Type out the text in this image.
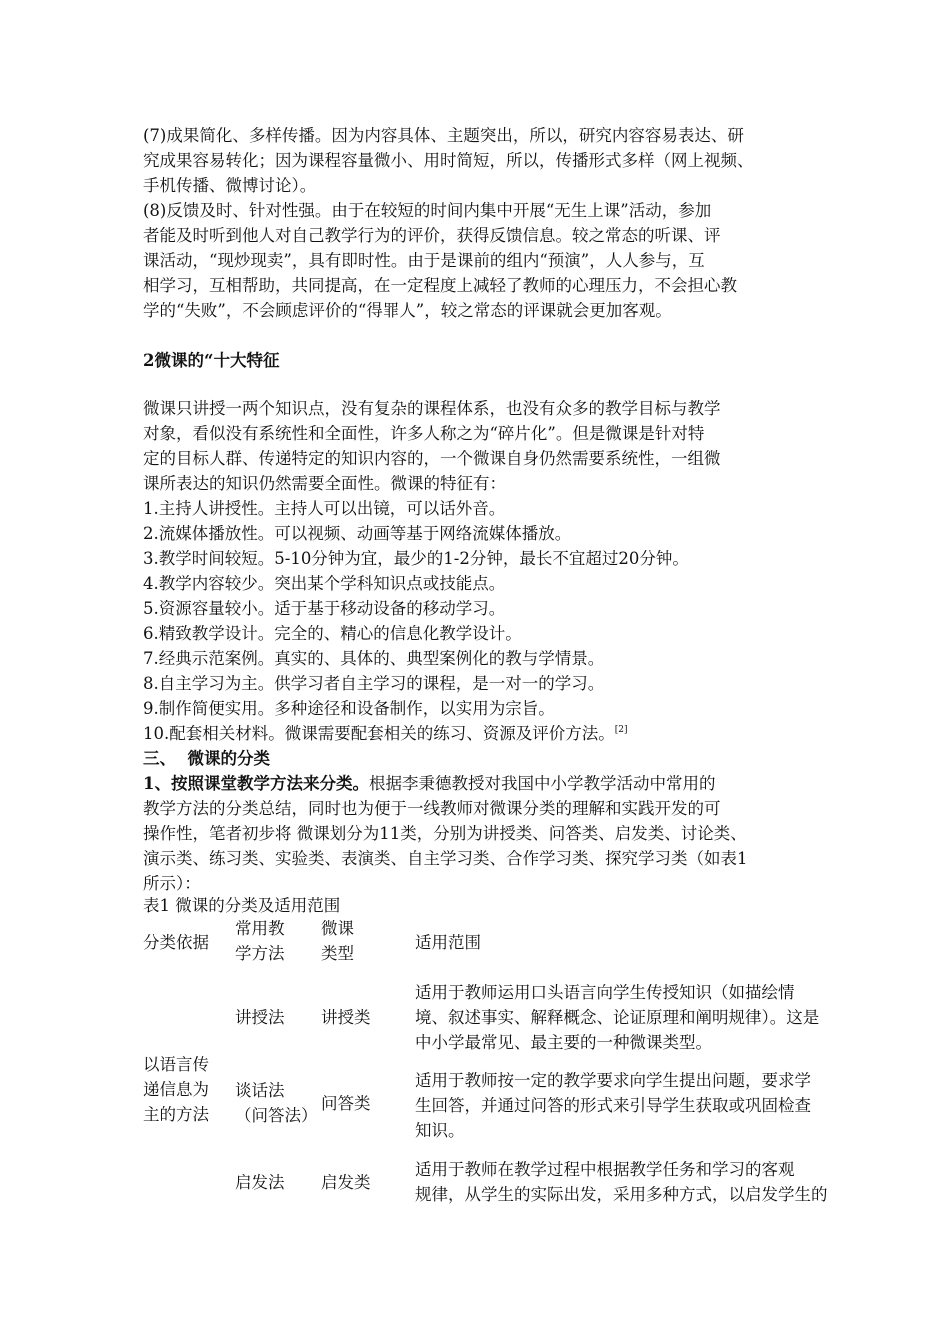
(7)成果简化、多样传播。因为内容具体、主题突出，所以，研究内容容易表达、研

究成果容易转化；因为课程容量微小、用时简短，所以，传播形式多样（网上视频、

手机传播、微博讨论）。

(8)反馈及时、针对性强。由于在较短的时间内集中开展“无生上课”活动，参加

者能及时听到他人对自己教学行为的评价，获得反馈信息。较之常态的听课、评

课活动，“现炒现卖”，具有即时性。由于是课前的组内“预演”，人人参与，互

相学习，互相帮助，共同提高，在一定程度上减轻了教师的心理压力，不会担心教

学的“失败”，不会顾虑评价的“得罪人”，较之常态的评课就会更加客观。

2微课的“十大特征

微课只讲授一两个知识点，没有复杂的课程体系，也没有众多的教学目标与教学

对象，看似没有系统性和全面性，许多人称之为“碎片化”。但是微课是针对特

定的目标人群、传递特定的知识内容的，一个微课自身仍然需要系统性，一组微

课所表达的知识仍然需要全面性。微课的特征有：

1.主持人讲授性。主持人可以出镜，可以话外音。

2.流媒体播放性。可以视频、动画等基于网络流媒体播放。

3.教学时间较短。5-10分钟为宜，最少的1-2分钟，最长不宜超过20分钟。

4.教学内容较少。突出某个学科知识点或技能点。

5.资源容量较小。适于基于移动设备的移动学习。

6.精致教学设计。完全的、精心的信息化教学设计。

7.经典示范案例。真实的、具体的、典型案例化的教与学情景。

8.自主学习为主。供学习者自主学习的课程，是一对一的学习。

9.制作简便实用。多种途径和设备制作，以实用为宗旨。

10.配套相关材料。微课需要配套相关的练习、资源及评价方法。[2]

三、  微课的分类

1、按照课堂教学方法来分类。根据李秉德教授对我国中小学教学活动中常用的

教学方法的分类总结，同时也为便于一线教师对微课分类的理解和实践开发的可

操作性，笔者初步将 微课划分为11类，分别为讲授类、问答类、启发类、讨论类、

演示类、练习类、实验类、表演类、自主学习类、合作学习类、探究学习类（如表1

所示）：

表1 微课的分类及适用范围
分类依据
常用教
学方法
微课
类型
适用范围
以语言传
递信息为
主的方法
讲授法 讲授类
适用于教师运用口头语言向学生传授知识（如描绘情
境、叙述事实、解释概念、论证原理和阐明规律）。这是
中小学最常见、最主要的一种微课类型。
谈话法
（问答法）
问答类
适用于教师按一定的教学要求向学生提出问题，要求学
生回答，并通过问答的形式来引导学生获取或巩固检查
知识。
启发法 启发类
适用于教师在教学过程中根据教学任务和学习的客观
规律，从学生的实际出发，采用多种方式，以启发学生的
